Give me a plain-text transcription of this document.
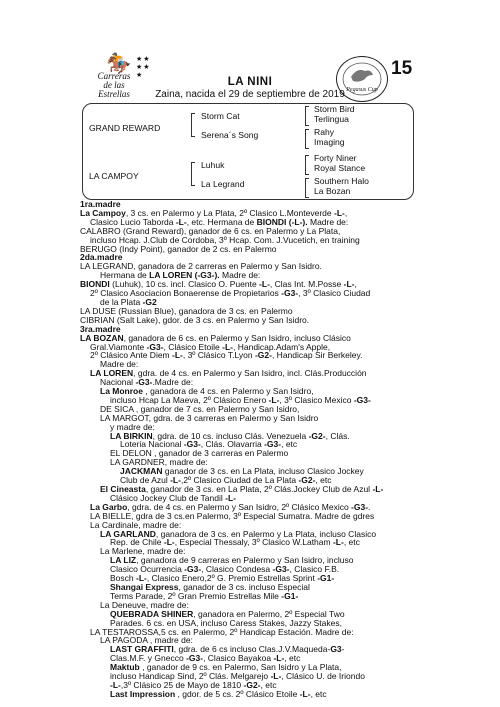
🏇 ★★
★★
★
Carreras
de las Estrellas	Pegasus Cup
15
LA NINI
Zaina, nacida el 29 de septiembre de 2019
GRAND REWARD
LA CAMPOY
Storm Cat
Serena´s Song
Luhuk
La Legrand
Storm Bird
Terlingua
Rahy
Imaging
Forty Niner
Royal Stance
Southern Halo
La Bozan
1ra.madre
La Campoy, 3 cs. en Palermo y La Plata, 2º Clasico L.Monteverde -L-,
Clasico Lucio Taborda -L-, etc. Hermana de BIONDI (-L-). Madre de:
CALABRO (Grand Reward), ganador de 6 cs. en Palermo y La Plata,
incluso Hcap. J.Club de Cordoba, 3º Hcap. Com. J.Vucetich, en training
BERUGO (Indy Point), ganador de 2 cs. en Palermo
2da.madre
LA LEGRAND, ganadora de 2 carreras en Palermo y San Isidro.
Hermana de LA LOREN (-G3-). Madre de:
BIONDI (Luhuk), 10 cs. incl. Clasico O. Puente -L-, Clas Int. M.Posse -L-,
2º Clasico Asociacion Bonaerense de Propietarios -G3-, 3º Clasico Ciudad
de la Plata -G2
LA DUSE (Russian Blue), ganadora de 3 cs. en Palermo
CIBRIAN (Salt Lake), gdor. de 3 cs. en Palermo y San Isidro.
3ra.madre
LA BOZAN, ganadora de 6 cs. en Palermo y San Isidro, incluso Clásico
Gral.Viamonte -G3-, Clásico Etoile -L-, Handicap.Adam's Apple,
2º Clásico Ante Diem -L-, 3º Clásico T.Lyon -G2-, Handicap Sir Berkeley.
Madre de:
LA LOREN, gdra. de 4 cs. en Palermo y San Isidro, incl. Clás.Producción
Nacional -G3-.Madre de:
La Monroe , ganadora de 4 cs. en Palermo y San Isidro,
incluso Hcap La Maeva, 2º Clásico Enero -L-, 3º Clasico Mexico -G3-
DE SICA , ganador de 7 cs. en Palermo y San Isidro,
LA MARGOT, gdra. de 3 carreras en Palermo y San Isidro
y madre de:
LA BIRKIN, gdra. de 10 cs. incluso Clás. Venezuela -G2-, Clás.
Loteria Nacional -G3-, Clás. Olavarria -G3-, etc
EL DELON , ganador de 3 carreras en Palermo
LA GARDNER, madre de:
JACKMAN ganador de 3 cs. en La Plata, incluso Clasico Jockey
Club de Azul -L-,2º Clasico Ciudad de La Plata -G2-, etc
El Cineasta, ganador de 3 cs. en La Plata, 2º Clás.Jockey Club de Azul -L-
Clásico Jockey Club de Tandil -L-
La Garbo, gdra. de 4 cs. en Palermo y San Isidro, 2º Clásico Mexico -G3-.
LA BIELLE, gdra de 3 cs.en Palermo, 3º Especial Sumatra. Madre de gdres
La Cardinale, madre de:
LA GARLAND, ganadora de 3 cs. en Palermo y La Plata, incluso Clasico
Rep. de Chile -L-, Especial Thessaly, 3º Clasico W.Latham -L-, etc
La Marlene, madre de:
LA LIZ, ganadora de 9 carreras en Palermo y San Isidro, incluso
Clasico Ocurrencia -G3-, Clasico Condesa -G3-, Clasico F.B.
Bosch -L-, Clasico Enero,2º G. Premio Estrellas Sprint -G1-
Shangai Express, ganador de 3 cs. incluso Especial
Terms Parade, 2º Gran Premio Estrellas Mile -G1-
La Deneuve, madre de:
QUEBRADA SHINER, ganadora en Palermo, 2º Especial Two
Parades. 6 cs. en USA, incluso Caress Stakes, Jazzy Stakes,
LA TESTAROSSA,5 cs. en Palermo, 2º Handicap Estación. Madre de:
LA PAGODA , madre de:
LAST GRAFFITI, gdra. de 6 cs incluso Clas.J.V.Maqueda-G3-
Clas.M.F. y Gnecco -G3-, Clasico Bayakoa -L-, etc
Maktub , ganador de 9 cs. en Palermo, San Isidro y La Plata,
incluso Handicap Sind, 2º Clás. Melgarejo -L-, Clásico U. de Iriondo
-L-,3º Clásico 25 de Mayo de 1810 -G2-, etc
Last Impression , gdor. de 5 cs. 2º Clásico Etoile -L-, etc
